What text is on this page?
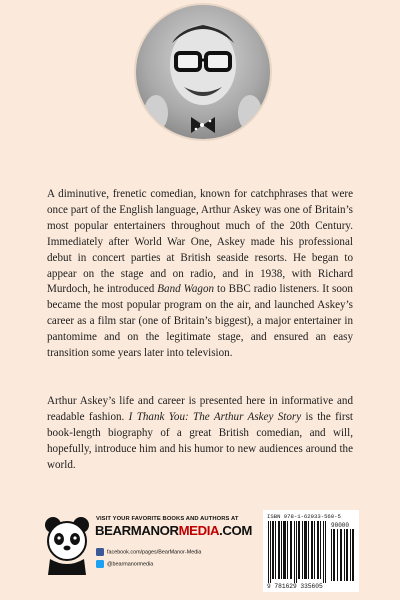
A diminutive, frenetic comedian, known for catchphrases that were once part of the English language, Arthur Askey was one of Britain’s most popular entertainers throughout much of the 20th Century. Immediately after World War One, Askey made his professional debut in concert parties at British seaside resorts. He began to appear on the stage and on radio, and in 1938, with Richard Murdoch, he introduced Band Wagon to BBC radio listeners. It soon became the most popular program on the air, and launched Askey’s career as a film star (one of Britain’s biggest), a major entertainer in pantomime and on the legitimate stage, and ensured an easy transition some years later into television.

Arthur Askey’s life and career is presented here in informative and readable fashion. I Thank You: The Arthur Askey Story is the first book-length biography of a great British comedian, and will, hopefully, introduce him and his humor to new audiences around the world.

VISIT YOUR FAVORITE BOOKS AND AUTHORS AT
BEARMANORMEDIA.COM
facebook.com/pages/BearManor-Media
@bearmanormedia
ISBN 978-1-62933-560-5
90000
9 781629 335605
